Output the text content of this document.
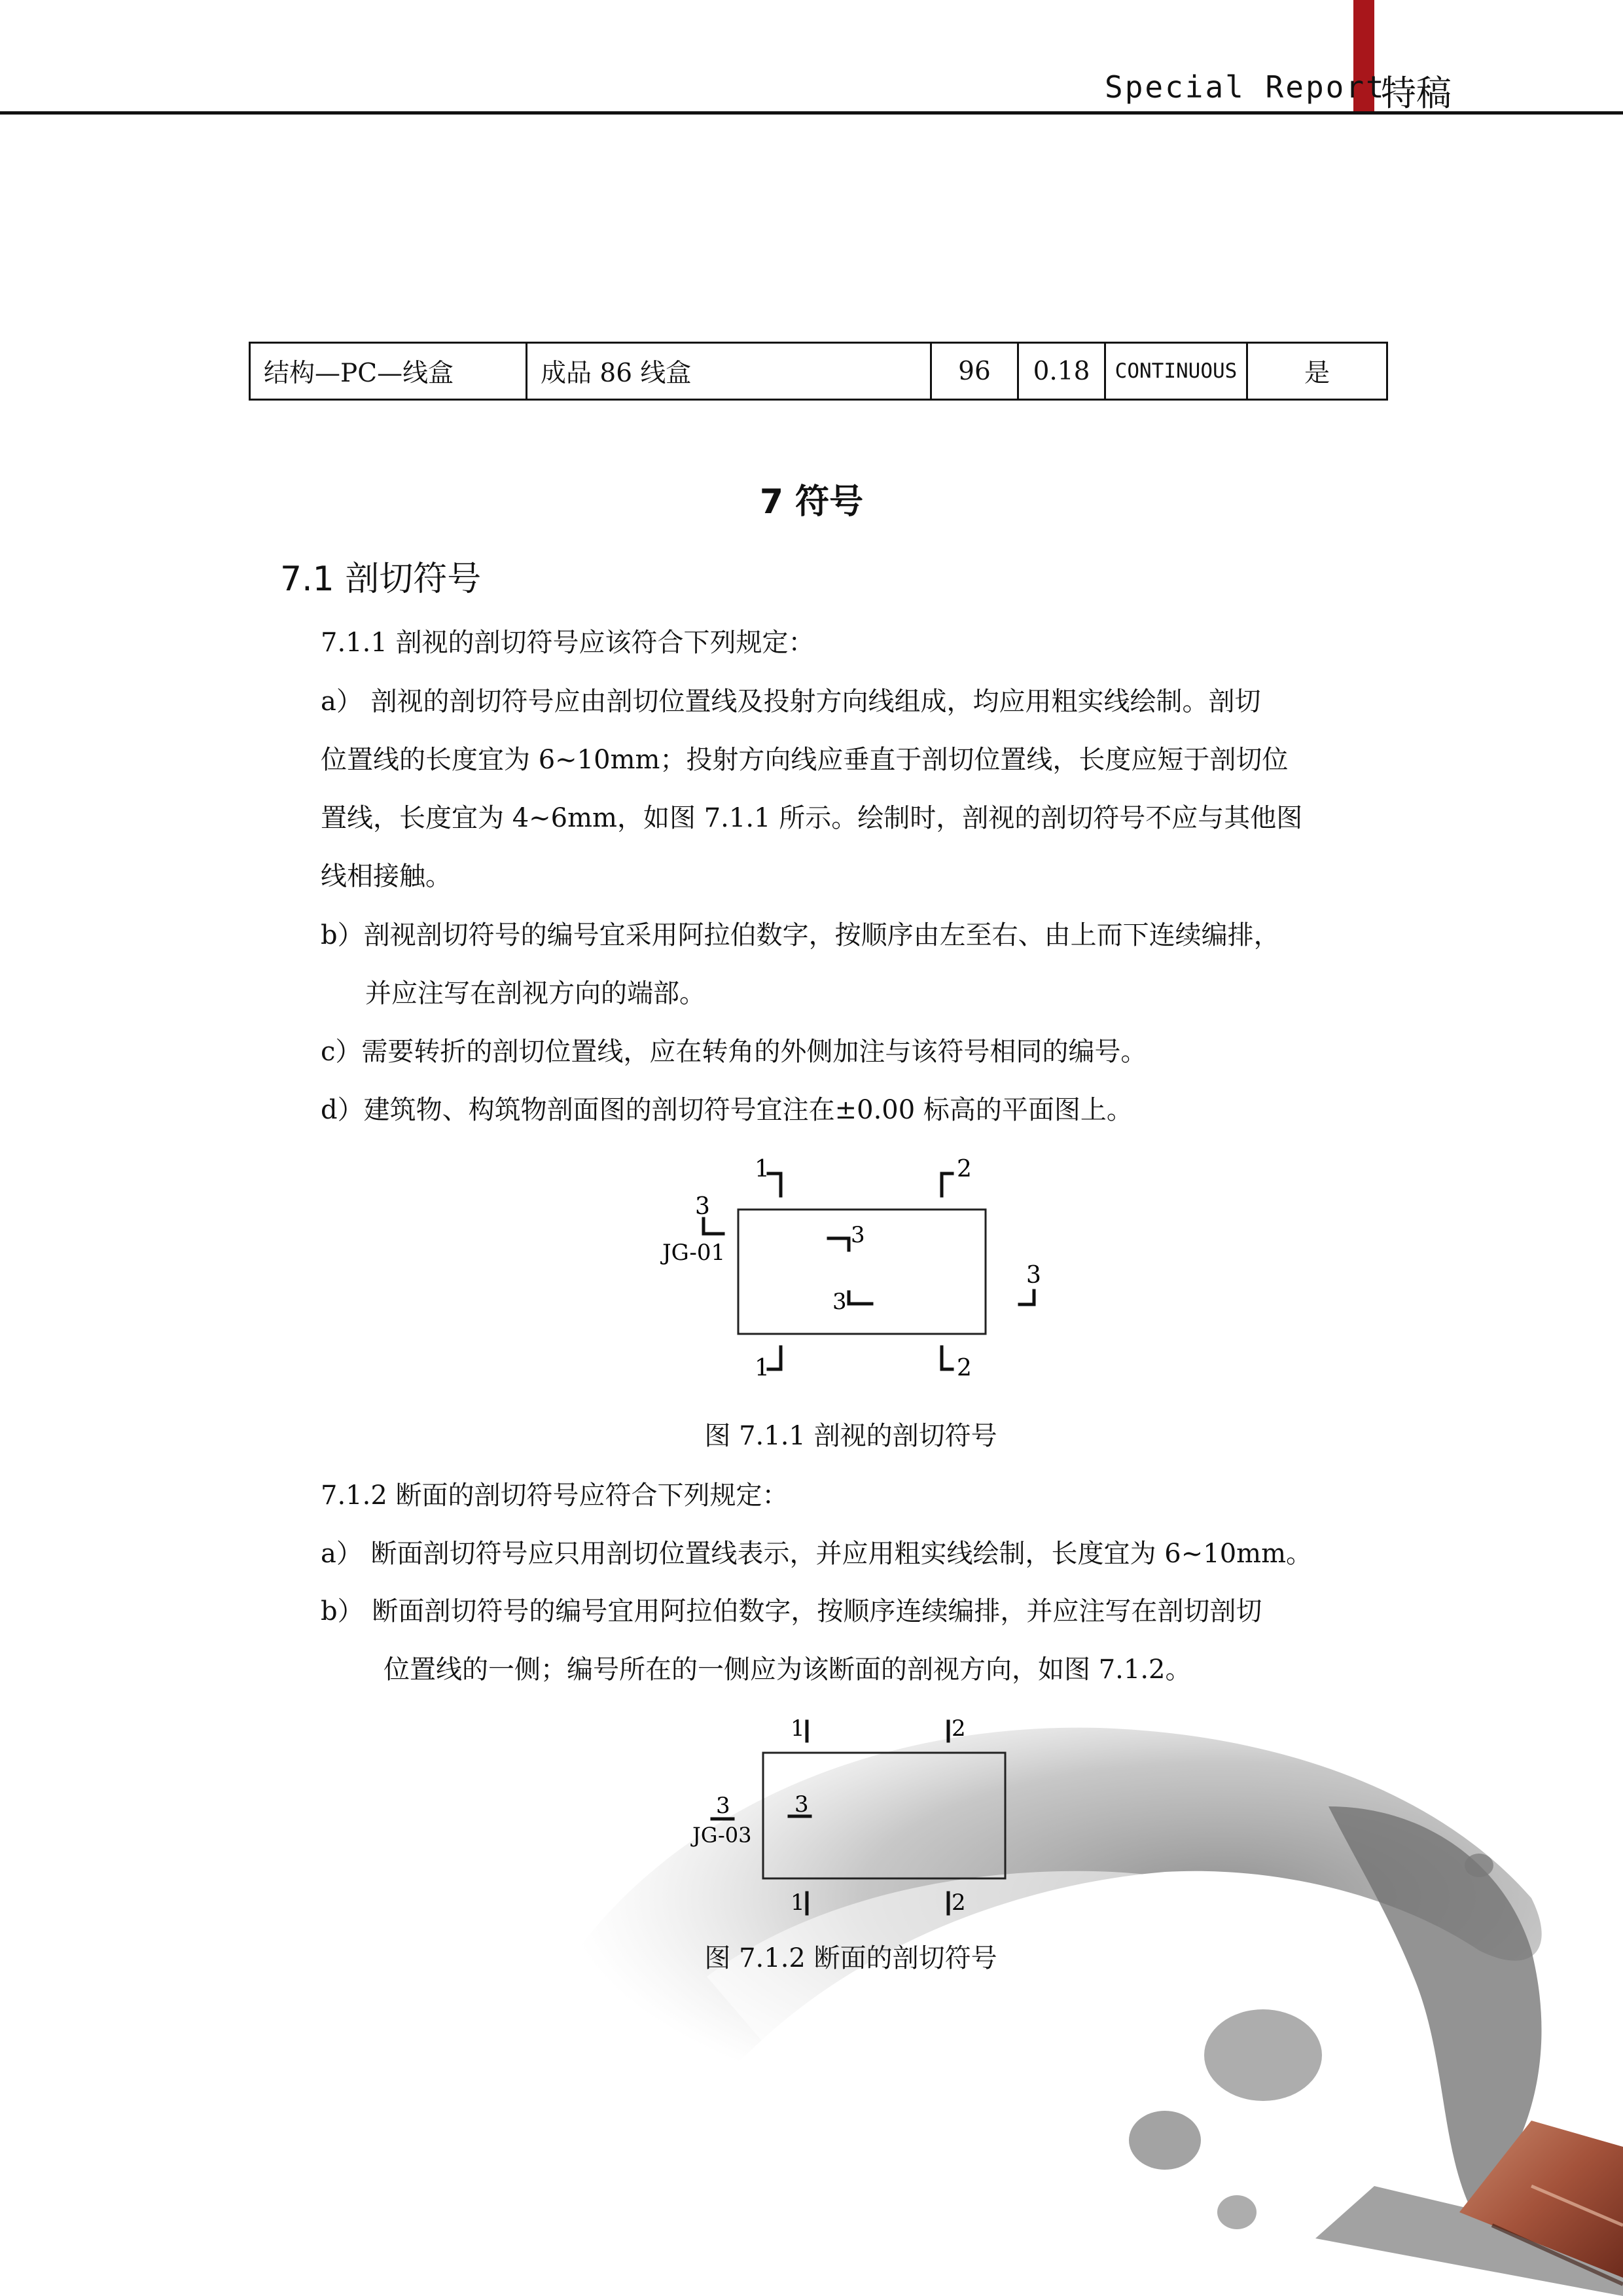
Special Report
特稿
结构—PC—线盒	成品 86 线盒	96	0.18	CONTINUOUS	是
7 符号
7.1 剖切符号
7.1.1 剖视的剖切符号应该符合下列规定：
a） 剖视的剖切符号应由剖切位置线及投射方向线组成，均应用粗实线绘制。剖切
位置线的长度宜为 6~10mm；投射方向线应垂直于剖切位置线，长度应短于剖切位
置线，长度宜为 4~6mm，如图 7.1.1 所示。绘制时，剖视的剖切符号不应与其他图
线相接触。
b）剖视剖切符号的编号宜采用阿拉伯数字，按顺序由左至右、由上而下连续编排，
并应注写在剖视方向的端部。
c）需要转折的剖切位置线，应在转角的外侧加注与该符号相同的编号。
d）建筑物、构筑物剖面图的剖切符号宜注在±0.00 标高的平面图上。
1	2
1	2
3
JG-01
3
3
3
图 7.1.1 剖视的剖切符号
7.1.2 断面的剖切符号应符合下列规定：
a） 断面剖切符号应只用剖切位置线表示，并应用粗实线绘制，长度宜为 6~10mm。
b） 断面剖切符号的编号宜用阿拉伯数字，按顺序连续编排，并应注写在剖切剖切
位置线的一侧；编号所在的一侧应为该断面的剖视方向，如图 7.1.2。
1	2
1	2
3
JG-03
3
图 7.1.2 断面的剖切符号
